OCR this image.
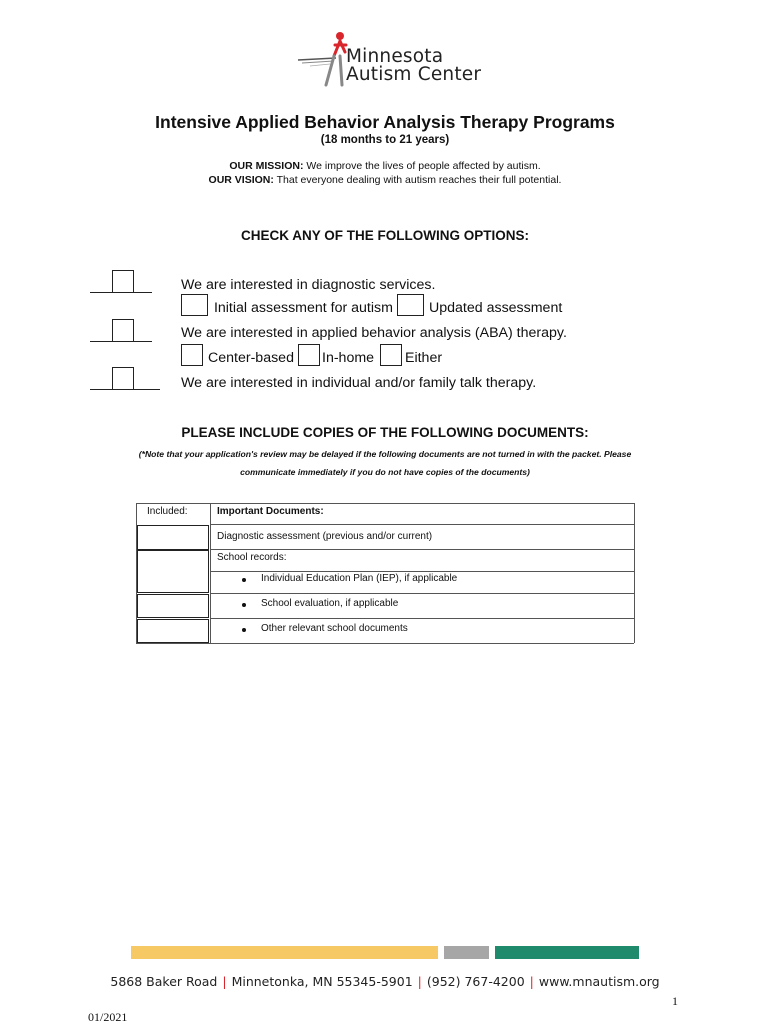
Minnesota
Autism Center
Intensive Applied Behavior Analysis Therapy Programs
(18 months to 21 years)
OUR MISSION: We improve the lives of people affected by autism.
OUR VISION: That everyone dealing with autism reaches their full potential.
CHECK ANY OF THE FOLLOWING OPTIONS:
We are interested in diagnostic services.
Initial assessment for autism	Updated assessment
We are interested in applied behavior analysis (ABA) therapy.
Center-based In-home Either
We are interested in individual and/or family talk therapy.
PLEASE INCLUDE COPIES OF THE FOLLOWING DOCUMENTS:
(*Note that your application's review may be delayed if the following documents are not turned in with the packet. Please
communicate immediately if you do not have copies of the documents)
Included:	Important Documents:
Diagnostic assessment (previous and/or current)
School records:
Individual Education Plan (IEP), if applicable
School evaluation, if applicable
Other relevant school documents
5868 Baker Road | Minnetonka, MN 55345-5901 | (952) 767-4200 | www.mnautism.org
1
01/2021
